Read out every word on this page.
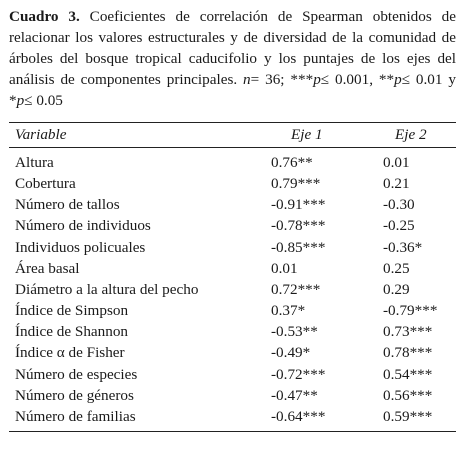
Cuadro 3. Coeficientes de correlación de Spearman obtenidos de relacionar los valores estructurales y de diversidad de la comunidad de árboles del bosque tropical caducifolio y los puntajes de los ejes del análisis de componentes principales. n= 36; ***p≤ 0.001, **p≤ 0.01 y *p≤ 0.05

Variable	Eje 1	Eje 2
Altura	0.76**	0.01
Cobertura	0.79***	0.21
Número de tallos	-0.91***	-0.30
Número de individuos	-0.78***	-0.25
Individuos policuales	-0.85***	-0.36*
Área basal	0.01	0.25
Diámetro a la altura del pecho	0.72***	0.29
Índice de Simpson	0.37*	-0.79***
Índice de Shannon	-0.53**	0.73***
Índice α de Fisher	-0.49*	0.78***
Número de especies	-0.72***	0.54***
Número de géneros	-0.47**	0.56***
Número de familias	-0.64***	0.59***
